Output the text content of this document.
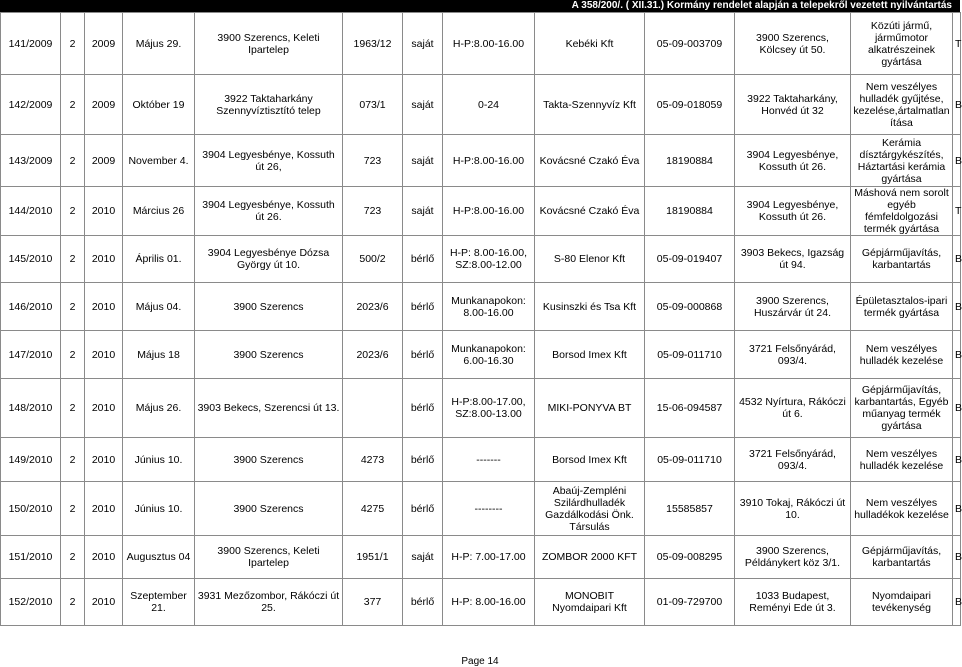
A 358/200/. ( XII.31.) Kormány rendelet alapján a telepekről vezetett nyilvántartás
141/2009	2	2009	Május 29.	3900 Szerencs, Keleti Ipartelep	1963/12	saját	H-P:8.00-16.00	Kebéki Kft	05-09-003709	3900 Szerencs, Kölcsey út 50.	Közúti jármű, járműmotor alkatrészeinek gyártása	T
142/2009	2	2009	Október 19	3922 Taktaharkány Szennyvíztisztító telep	073/1	saját	0-24	Takta-Szennyvíz Kft	05-09-018059	3922 Taktaharkány, Honvéd út 32	Nem veszélyes hulladék gyűjtése, kezelése,ártalmatlanítása	B
143/2009	2	2009	November 4.	3904 Legyesbénye, Kossuth út 26,	723	saját	H-P:8.00-16.00	Kovácsné Czakó Éva	18190884	3904 Legyesbénye, Kossuth út 26.	Kerámia dísztárgykészítés, Háztartási kerámia gyártása	B
144/2010	2	2010	Március 26	3904 Legyesbénye, Kossuth út 26.	723	saját	H-P:8.00-16.00	Kovácsné Czakó Éva	18190884	3904 Legyesbénye, Kossuth út 26.	Máshová nem sorolt egyéb fémfeldolgozási termék gyártása	T
145/2010	2	2010	Április 01.	3904 Legyesbénye Dózsa György út 10.	500/2	bérlő	H-P: 8.00-16.00, SZ:8.00-12.00	S-80 Elenor Kft	05-09-019407	3903 Bekecs, Igazság út 94.	Gépjárműjavítás, karbantartás	B
146/2010	2	2010	Május 04.	3900 Szerencs	2023/6	bérlő	Munkanapokon: 8.00-16.00	Kusinszki és Tsa Kft	05-09-000868	3900 Szerencs, Huszárvár út 24.	Épületasztalos-ipari termék gyártása	B
147/2010	2	2010	Május 18	3900 Szerencs	2023/6	bérlő	Munkanapokon: 6.00-16.30	Borsod Imex Kft	05-09-011710	3721 Felsőnyárád, 093/4.	Nem veszélyes hulladék kezelése	B
148/2010	2	2010	Május 26.	3903 Bekecs, Szerencsi út 13.		bérlő	H-P:8.00-17.00, SZ:8.00-13.00	MIKI-PONYVA BT	15-06-094587	4532 Nyírtura, Rákóczi út 6.	Gépjárműjavítás, karbantartás, Egyéb műanyag termék gyártása	B
149/2010	2	2010	Június 10.	3900 Szerencs	4273	bérlő	-------	Borsod Imex Kft	05-09-011710	3721 Felsőnyárád, 093/4.	Nem veszélyes hulladék kezelése	B
150/2010	2	2010	Június 10.	3900 Szerencs	4275	bérlő	--------	Abaúj-Zempléni Szilárdhulladék Gazdálkodási Önk. Társulás	15585857	3910 Tokaj, Rákóczi út 10.	Nem veszélyes hulladékok kezelése	B
151/2010	2	2010	Augusztus 04	3900 Szerencs, Keleti Ipartelep	1951/1	saját	H-P: 7.00-17.00	ZOMBOR 2000 KFT	05-09-008295	3900 Szerencs, Példánykert köz 3/1.	Gépjárműjavítás, karbantartás	B
152/2010	2	2010	Szeptember 21.	3931 Mezőzombor, Rákóczi út 25.	377	bérlő	H-P: 8.00-16.00	MONOBIT Nyomdaipari Kft	01-09-729700	1033 Budapest, Reményi Ede út 3.	Nyomdaipari tevékenység	B
Page 14
